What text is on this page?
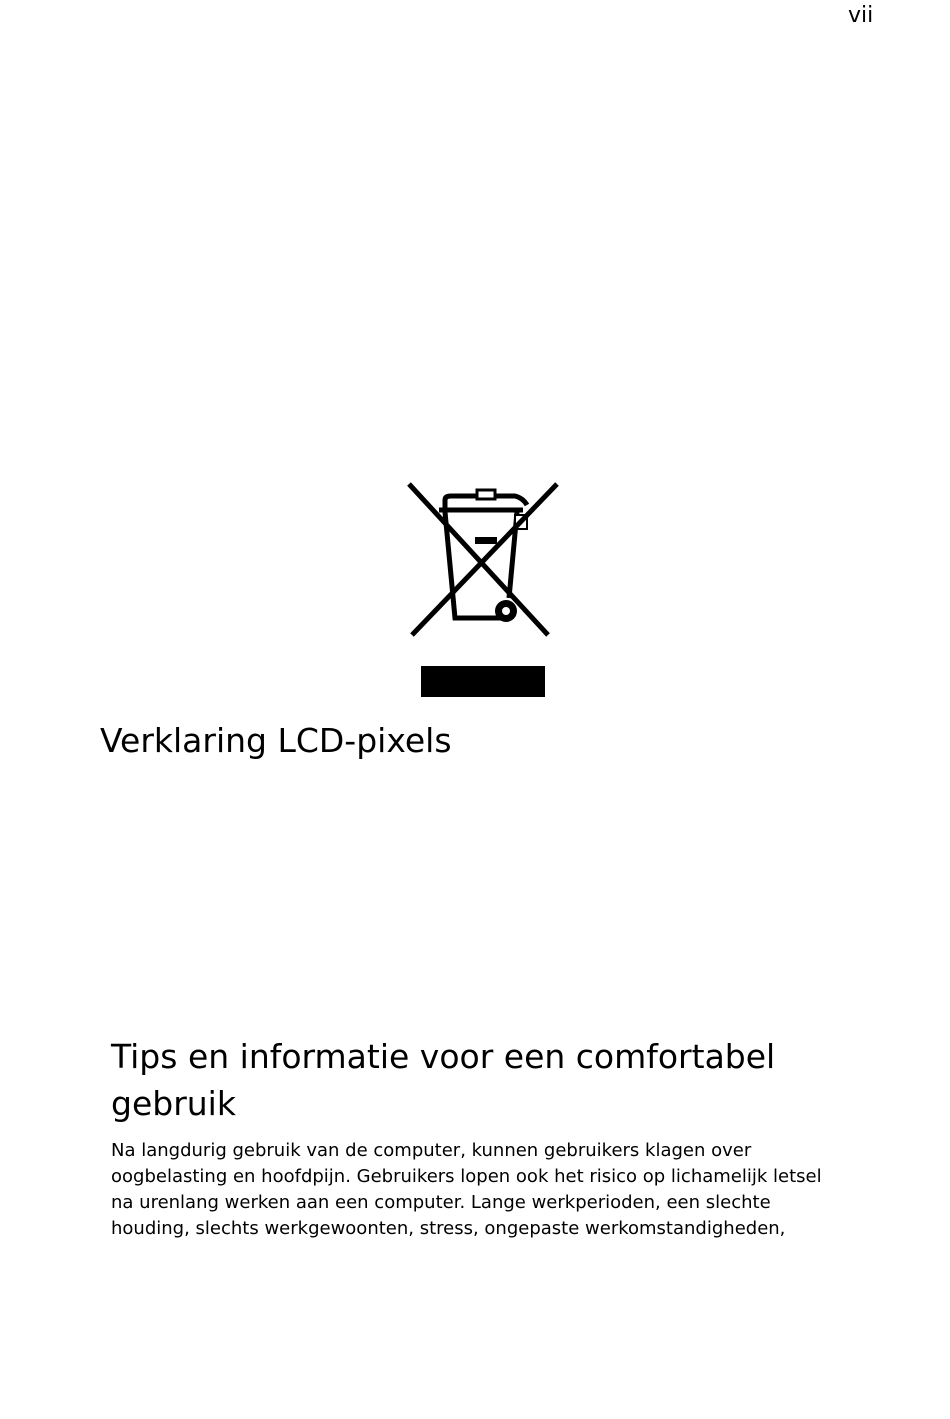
vii
Verklaring LCD-pixels
Tips en informatie voor een comfortabel
gebruik

Na langdurig gebruik van de computer, kunnen gebruikers klagen over
oogbelasting en hoofdpijn. Gebruikers lopen ook het risico op lichamelijk letsel
na urenlang werken aan een computer. Lange werkperioden, een slechte
houding, slechts werkgewoonten, stress, ongepaste werkomstandigheden,
